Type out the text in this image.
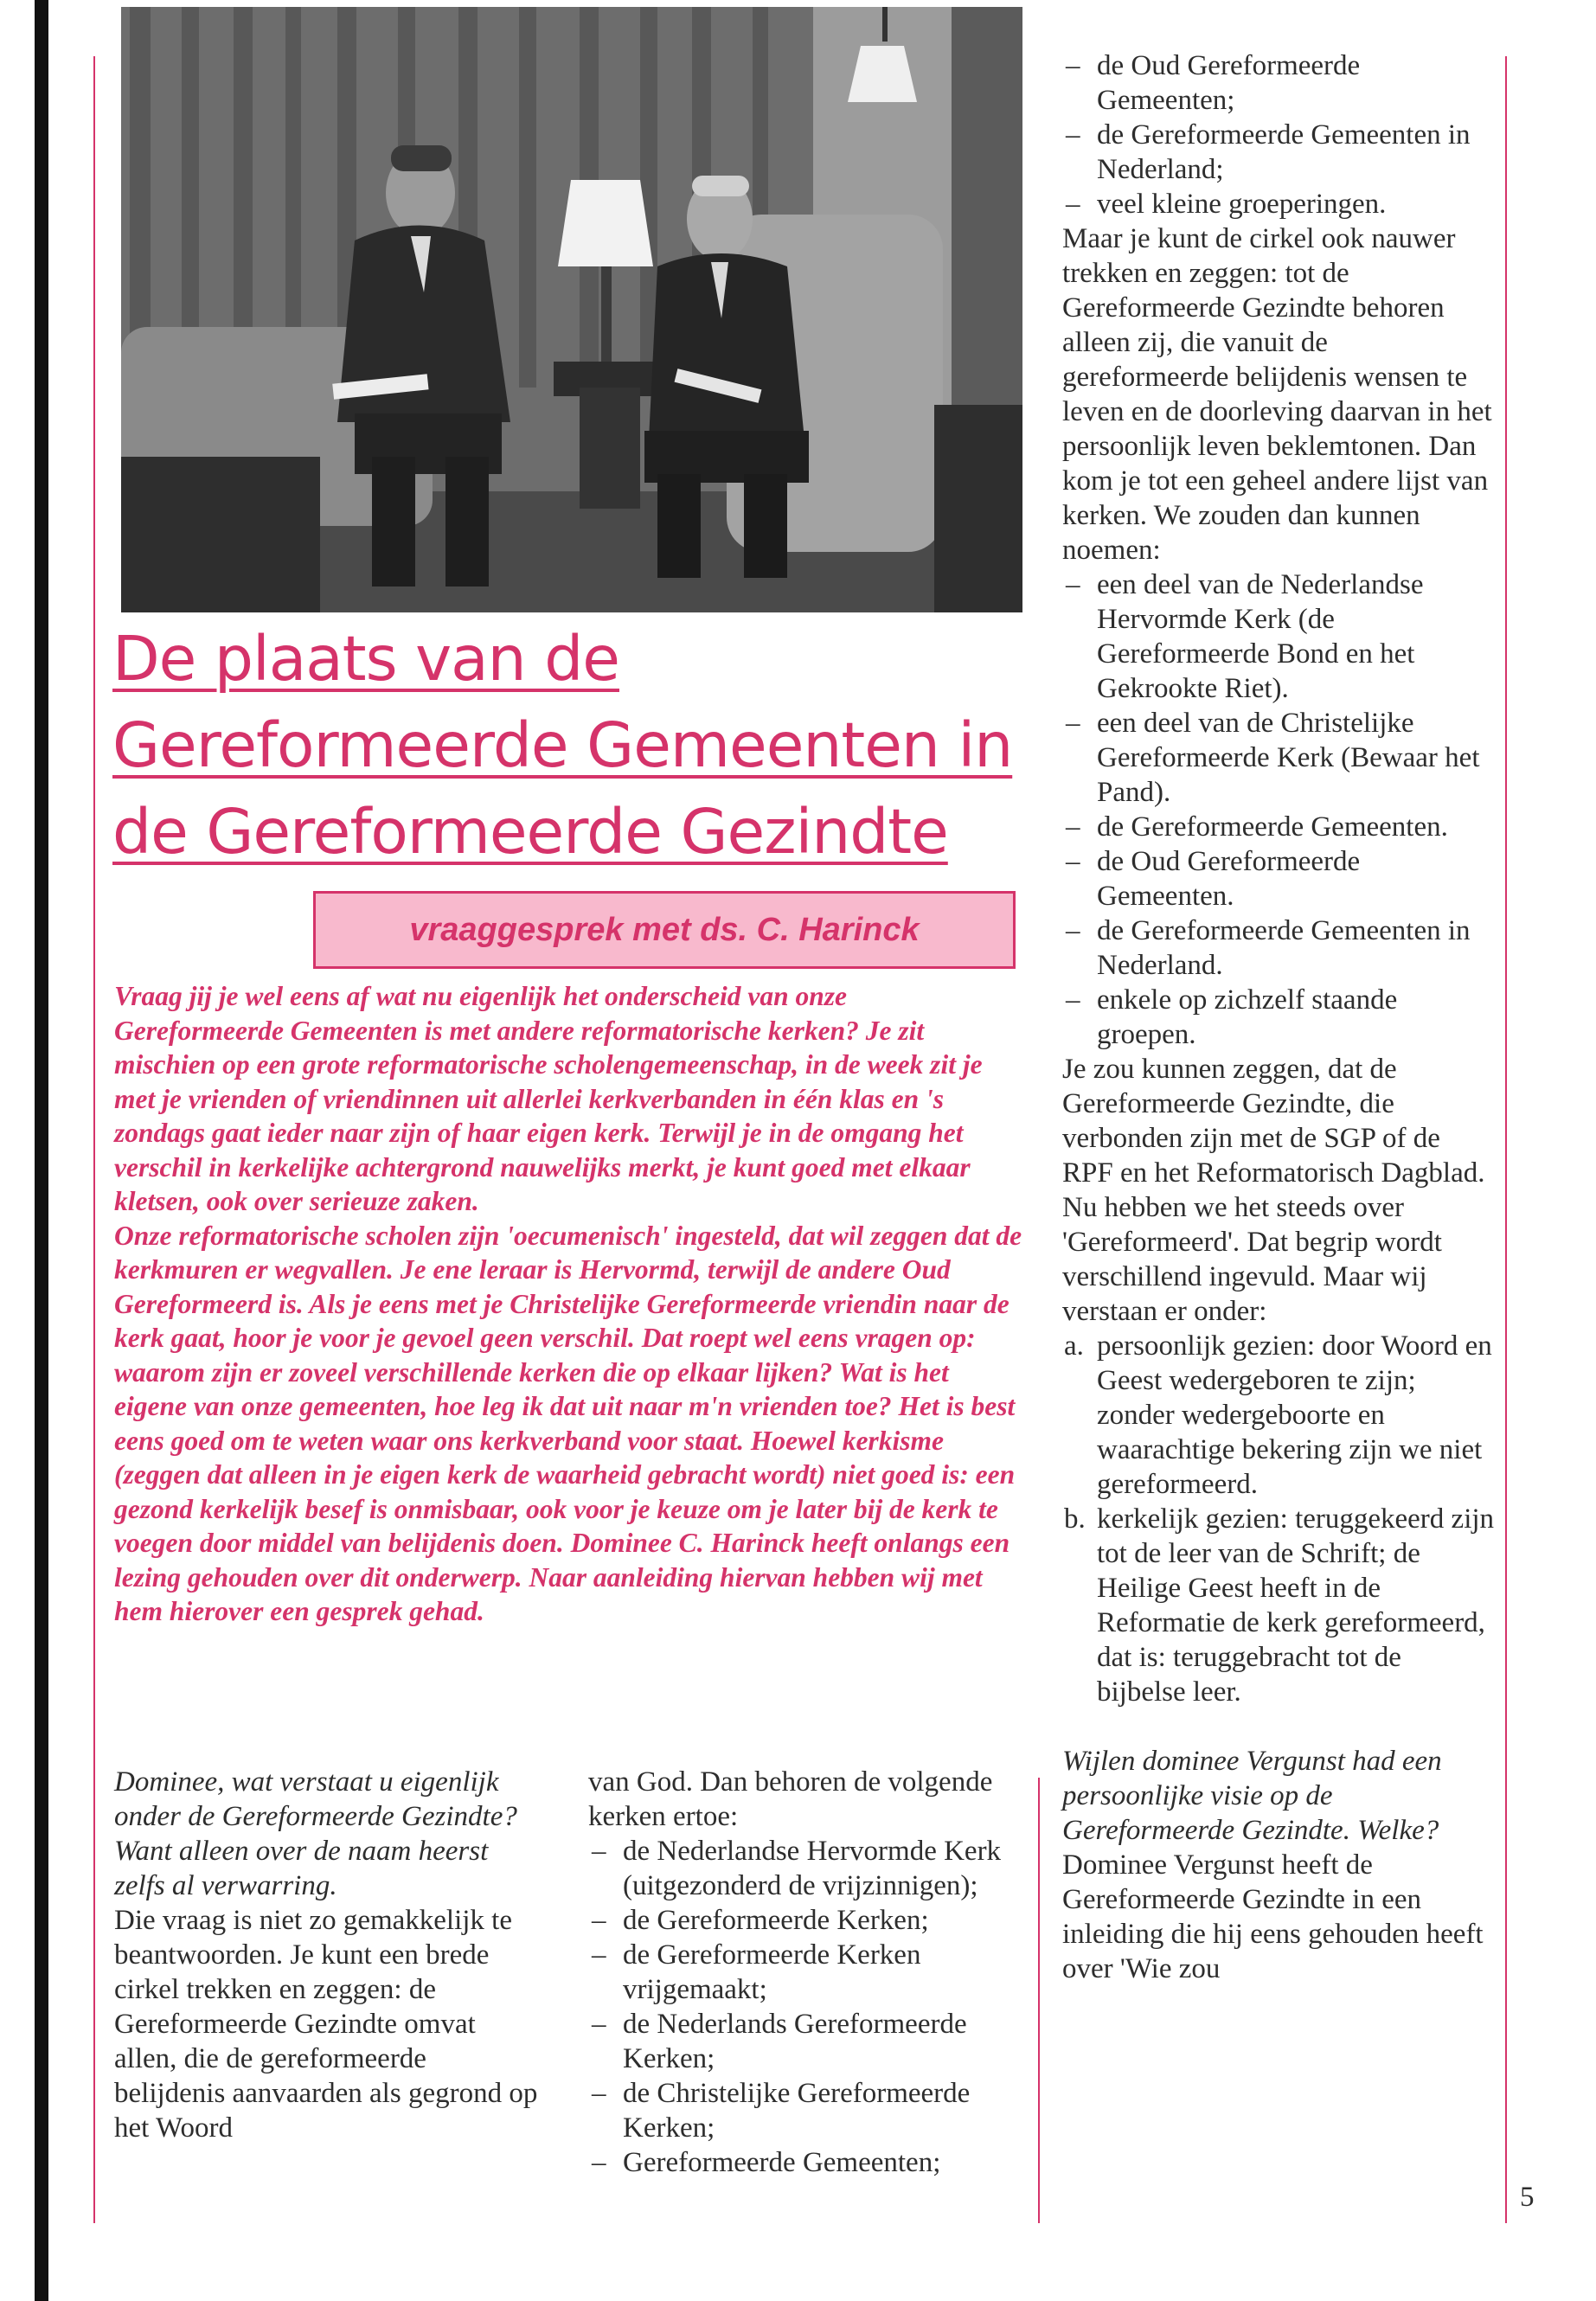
De plaats van de
Gereformeerde Gemeenten in
de Gereformeerde Gezindte
vraaggesprek met ds. C. Harinck

Vraag jij je wel eens af wat nu eigenlijk het onderscheid van onze Gereformeerde Gemeenten is met andere reformatorische kerken? Je zit mischien op een grote reformatorische scholengemeenschap, in de week zit je met je vrienden of vriendinnen uit allerlei kerkverbanden in één klas en 's zondags gaat ieder naar zijn of haar eigen kerk. Terwijl je in de omgang het verschil in kerkelijke achtergrond nauwelijks merkt, je kunt goed met elkaar kletsen, ook over serieuze zaken.

Onze reformatorische scholen zijn 'oecumenisch' ingesteld, dat wil zeggen dat de kerkmuren er wegvallen. Je ene leraar is Hervormd, terwijl de andere Oud Gereformeerd is. Als je eens met je Christelijke Gereformeerde vriendin naar de kerk gaat, hoor je voor je gevoel geen verschil. Dat roept wel eens vragen op: waarom zijn er zoveel verschillende kerken die op elkaar lijken? Wat is het eigene van onze gemeenten, hoe leg ik dat uit naar m'n vrienden toe? Het is best eens goed om te weten waar ons kerkverband voor staat. Hoewel kerkisme (zeggen dat alleen in je eigen kerk de waarheid gebracht wordt) niet goed is: een gezond kerkelijk besef is onmisbaar, ook voor je keuze om je later bij de kerk te voegen door middel van belijdenis doen. Dominee C. Harinck heeft onlangs een lezing gehouden over dit onderwerp. Naar aanleiding hiervan hebben wij met hem hierover een gesprek gehad.

Dominee, wat verstaat u eigenlijk onder de Gereformeerde Gezindte? Want alleen over de naam heerst zelfs al verwarring.

Die vraag is niet zo gemakkelijk te beantwoorden. Je kunt een brede cirkel trekken en zeggen: de Gereformeerde Gezindte omvat allen, die de gereformeerde belijdenis aanvaarden als gegrond op het Woord

van God. Dan behoren de volgende kerken ertoe:

– de Nederlandse Hervormde Kerk (uitgezonderd de vrijzinnigen);
– de Gereformeerde Kerken;
– de Gereformeerde Kerken vrijgemaakt;
– de Nederlands Gereformeerde Kerken;
– de Christelijke Gereformeerde Kerken;
– Gereformeerde Gemeenten;
– de Oud Gereformeerde Gemeenten;
– de Gereformeerde Gemeenten in Nederland;
– veel kleine groeperingen.

Maar je kunt de cirkel ook nauwer trekken en zeggen: tot de Gereformeerde Gezindte behoren alleen zij, die vanuit de gereformeerde belijdenis wensen te leven en de doorleving daarvan in het persoonlijk leven beklemtonen. Dan kom je tot een geheel andere lijst van kerken. We zouden dan kunnen noemen:

– een deel van de Nederlandse Hervormde Kerk (de Gereformeerde Bond en het Gekrookte Riet).
– een deel van de Christelijke Gereformeerde Kerk (Bewaar het Pand).
– de Gereformeerde Gemeenten.
– de Oud Gereformeerde Gemeenten.
– de Gereformeerde Gemeenten in Nederland.
– enkele op zichzelf staande groepen.

Je zou kunnen zeggen, dat de Gereformeerde Gezindte, die verbonden zijn met de SGP of de RPF en het Reformatorisch Dagblad. Nu hebben we het steeds over 'Gereformeerd'. Dat begrip wordt verschillend ingevuld. Maar wij verstaan er onder:

a. persoonlijk gezien: door Woord en Geest wedergeboren te zijn; zonder wedergeboorte en waarachtige bekering zijn we niet gereformeerd.
b. kerkelijk gezien: teruggekeerd zijn tot de leer van de Schrift; de Heilige Geest heeft in de Reformatie de kerk gereformeerd, dat is: teruggebracht tot de bijbelse leer.

Wijlen dominee Vergunst had een persoonlijke visie op de Gereformeerde Gezindte. Welke?

Dominee Vergunst heeft de Gereformeerde Gezindte in een inleiding die hij eens gehouden heeft over 'Wie zou

5
